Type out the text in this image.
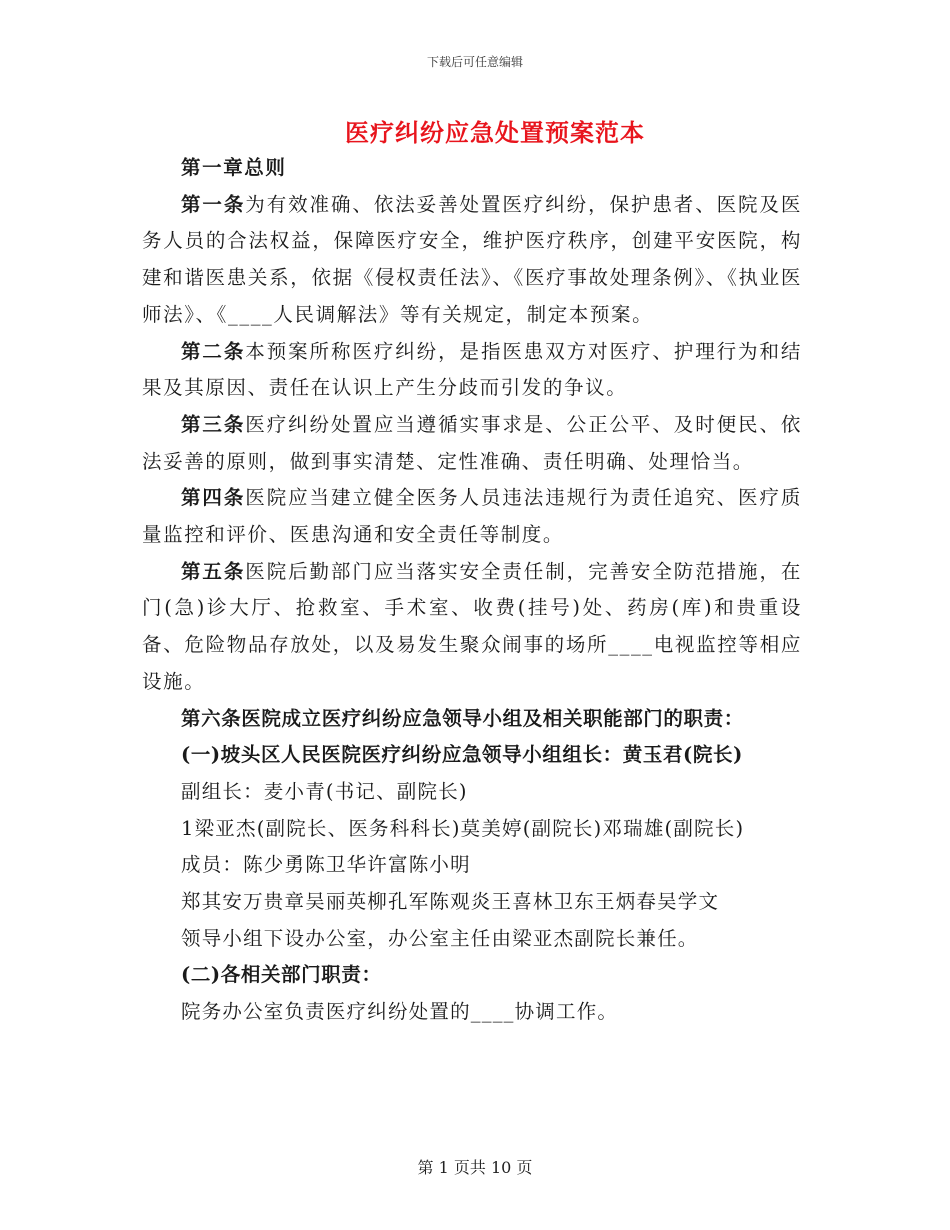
下载后可任意编辑
医疗纠纷应急处置预案范本

第一章总则

第一条为有效准确、依法妥善处置医疗纠纷，保护患者、医院及医务人员的合法权益，保障医疗安全，维护医疗秩序，创建平安医院，构建和谐医患关系，依据《侵权责任法》、《医疗事故处理条例》、《执业医师法》、《____人民调解法》等有关规定，制定本预案。

第二条本预案所称医疗纠纷，是指医患双方对医疗、护理行为和结果及其原因、责任在认识上产生分歧而引发的争议。

第三条医疗纠纷处置应当遵循实事求是、公正公平、及时便民、依法妥善的原则，做到事实清楚、定性准确、责任明确、处理恰当。

第四条医院应当建立健全医务人员违法违规行为责任追究、医疗质量监控和评价、医患沟通和安全责任等制度。

第五条医院后勤部门应当落实安全责任制，完善安全防范措施，在门(急)诊大厅、抢救室、手术室、收费(挂号)处、药房(库)和贵重设备、危险物品存放处，以及易发生聚众闹事的场所____电视监控等相应设施。

第六条医院成立医疗纠纷应急领导小组及相关职能部门的职责：

(一)坡头区人民医院医疗纠纷应急领导小组组长：黄玉君(院长)

副组长：麦小青(书记、副院长)

1梁亚杰(副院长、医务科科长)莫美婷(副院长)邓瑞雄(副院长)

成员：陈少勇陈卫华许富陈小明

郑其安万贵章吴丽英柳孔军陈观炎王喜林卫东王炳春吴学文

领导小组下设办公室，办公室主任由梁亚杰副院长兼任。

(二)各相关部门职责：

院务办公室负责医疗纠纷处置的____协调工作。

第 1 页共 10 页
